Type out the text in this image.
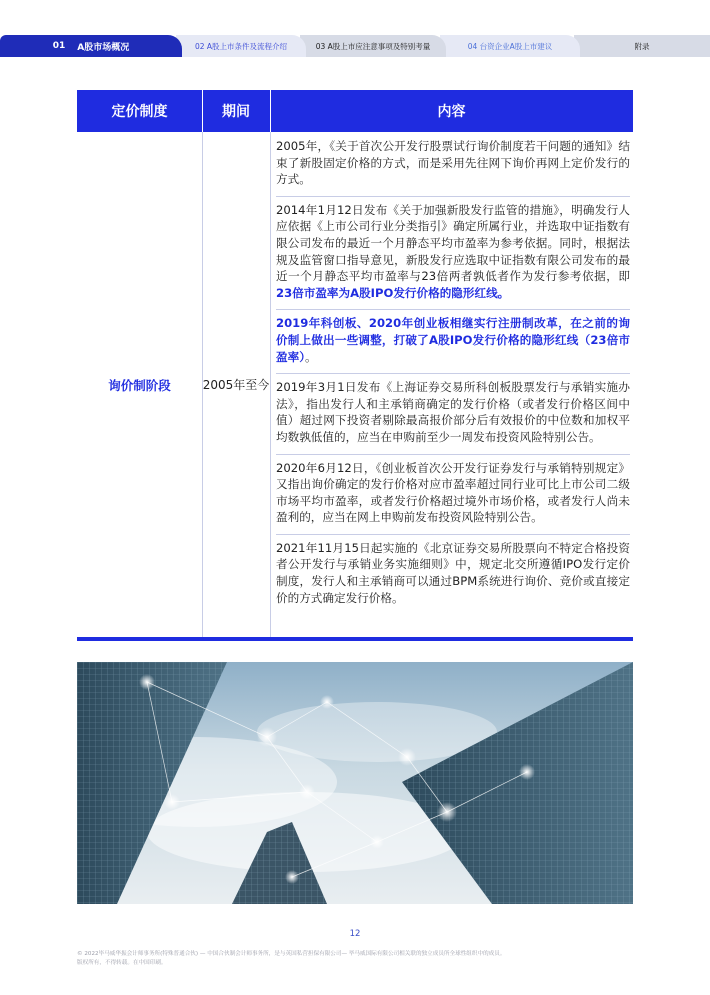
附录
04 台资企业A股上市建议
03 A股上市应注意事项及特别考量
02 A股上市条件及流程介绍
01 A股市场概况
定价制度	期间	内容
询价制阶段	2005年至今
2005年，《关于首次公开发行股票试行询价制度若干问题的通知》结束了新股固定价格的方式，而是采用先往网下询价再网上定价发行的方式。
2014年1月12日发布《关于加强新股发行监管的措施》，明确发行人应依据《上市公司行业分类指引》确定所属行业，并选取中证指数有限公司发布的最近一个月静态平均市盈率为参考依据。同时，根据法规及监管窗口指导意见，新股发行应选取中证指数有限公司发布的最近一个月静态平均市盈率与23倍两者孰低者作为发行参考依据，即23倍市盈率为A股IPO发行价格的隐形红线。
2019年科创板、2020年创业板相继实行注册制改革，在之前的询价制上做出一些调整，打破了A股IPO发行价格的隐形红线（23倍市盈率）。
2019年3月1日发布《上海证券交易所科创板股票发行与承销实施办法》，指出发行人和主承销商确定的发行价格（或者发行价格区间中值）超过网下投资者剔除最高报价部分后有效报价的中位数和加权平均数孰低值的，应当在申购前至少一周发布投资风险特别公告。
2020年6月12日，《创业板首次公开发行证券发行与承销特别规定》又指出询价确定的发行价格对应市盈率超过同行业可比上市公司二级市场平均市盈率，或者发行价格超过境外市场价格，或者发行人尚未盈利的，应当在网上申购前发布投资风险特别公告。
2021年11月15日起实施的《北京证券交易所股票向不特定合格投资者公开发行与承销业务实施细则》中，规定北交所遵循IPO发行定价制度，发行人和主承销商可以通过BPM系统进行询价、竞价或直接定价的方式确定发行价格。
12
© 2022毕马威华振会计师事务所(特殊普通合伙) — 中国合伙制会计师事务所，是与英国私营担保有限公司— 毕马威国际有限公司相关联的独立成员所全球性组织中的成员。
版权所有，不得转载。在中国印刷。
